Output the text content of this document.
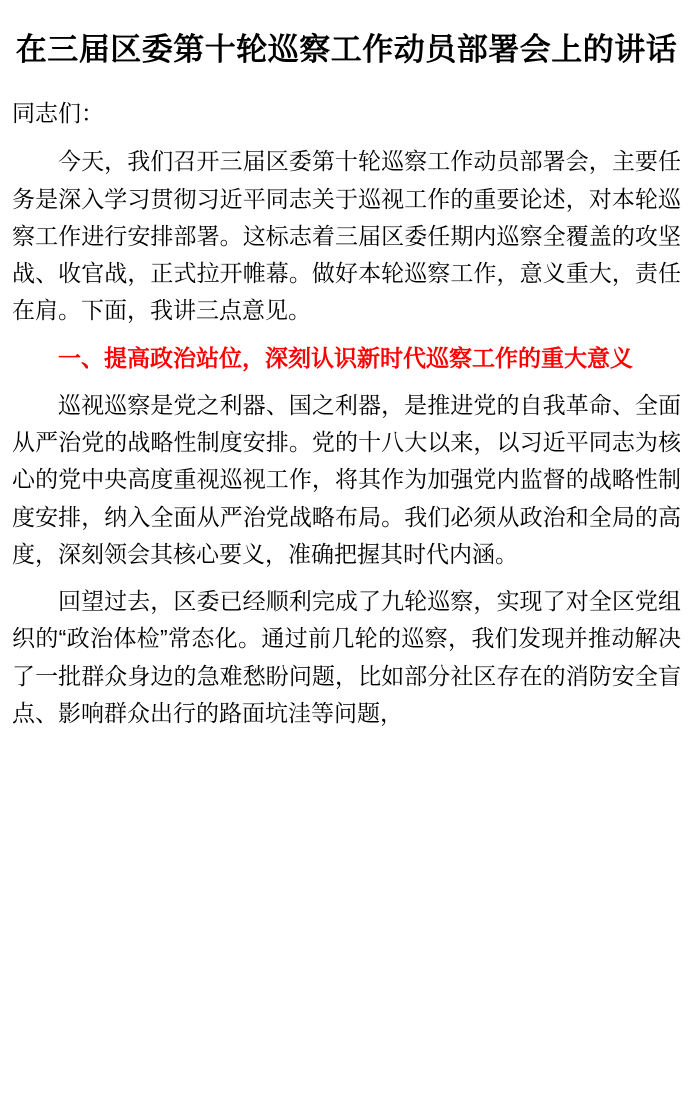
在三届区委第十轮巡察工作动员部署会上的讲话

同志们：

今天，我们召开三届区委第十轮巡察工作动员部署会，主要任务是深入学习贯彻习近平同志关于巡视工作的重要论述，对本轮巡察工作进行安排部署。这标志着三届区委任期内巡察全覆盖的攻坚战、收官战，正式拉开帷幕。做好本轮巡察工作，意义重大，责任在肩。下面，我讲三点意见。

一、提高政治站位，深刻认识新时代巡察工作的重大意义

巡视巡察是党之利器、国之利器，是推进党的自我革命、全面从严治党的战略性制度安排。党的十八大以来，以习近平同志为核心的党中央高度重视巡视工作，将其作为加强党内监督的战略性制度安排，纳入全面从严治党战略布局。我们必须从政治和全局的高度，深刻领会其核心要义，准确把握其时代内涵。

回望过去，区委已经顺利完成了九轮巡察，实现了对全区党组织的“政治体检”常态化。通过前几轮的巡察，我们发现并推动解决了一批群众身边的急难愁盼问题，比如部分社区存在的消防安全盲点、影响群众出行的路面坑洼等问题，
